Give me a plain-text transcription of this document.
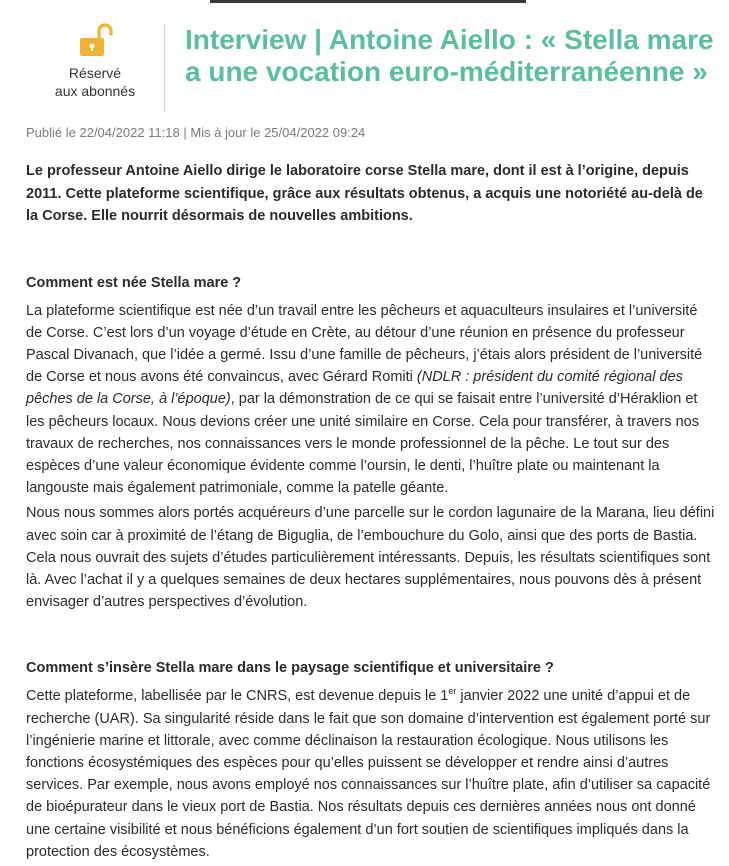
Réservé
aux abonnés
Interview | Antoine Aiello : « Stella mare a une vocation euro-méditerranéenne »
Publié le 22/04/2022 11:18 | Mis à jour le 25/04/2022 09:24

Le professeur Antoine Aiello dirige le laboratoire corse Stella mare, dont il est à l’origine, depuis 2011. Cette plateforme scientifique, grâce aux résultats obtenus, a acquis une notoriété au-delà de la Corse. Elle nourrit désormais de nouvelles ambitions.

Comment est née Stella mare ?

La plateforme scientifique est née d’un travail entre les pêcheurs et aquaculteurs insulaires et l’université de Corse. C’est lors d’un voyage d’étude en Crète, au détour d’une réunion en présence du professeur Pascal Divanach, que l’idée a germé. Issu d’une famille de pêcheurs, j’étais alors président de l’université de Corse et nous avons été convaincus, avec Gérard Romiti (NDLR : président du comité régional des pêches de la Corse, à l’époque), par la démonstration de ce qui se faisait entre l’université d’Héraklion et les pêcheurs locaux. Nous devions créer une unité similaire en Corse. Cela pour transférer, à travers nos travaux de recherches, nos connaissances vers le monde professionnel de la pêche. Le tout sur des espèces d’une valeur économique évidente comme l’oursin, le denti, l’huître plate ou maintenant la langouste mais également patrimoniale, comme la patelle géante.

Nous nous sommes alors portés acquéreurs d’une parcelle sur le cordon lagunaire de la Marana, lieu défini avec soin car à proximité de l’étang de Biguglia, de l’embouchure du Golo, ainsi que des ports de Bastia. Cela nous ouvrait des sujets d’études particulièrement intéressants. Depuis, les résultats scientifiques sont là. Avec l’achat il y a quelques semaines de deux hectares supplémentaires, nous pouvons dès à présent envisager d’autres perspectives d’évolution.

Comment s’insère Stella mare dans le paysage scientifique et universitaire ?

Cette plateforme, labellisée par le CNRS, est devenue depuis le 1er janvier 2022 une unité d’appui et de recherche (UAR). Sa singularité réside dans le fait que son domaine d’intervention est également porté sur l’ingénierie marine et littorale, avec comme déclinaison la restauration écologique. Nous utilisons les fonctions écosystémiques des espèces pour qu’elles puissent se développer et rendre ainsi d’autres services. Par exemple, nous avons employé nos connaissances sur l’huître plate, afin d’utiliser sa capacité de bioépurateur dans le vieux port de Bastia. Nos résultats depuis ces dernières années nous ont donné une certaine visibilité et nous bénéficions également d’un fort soutien de scientifiques impliqués dans la protection des écosystèmes.
